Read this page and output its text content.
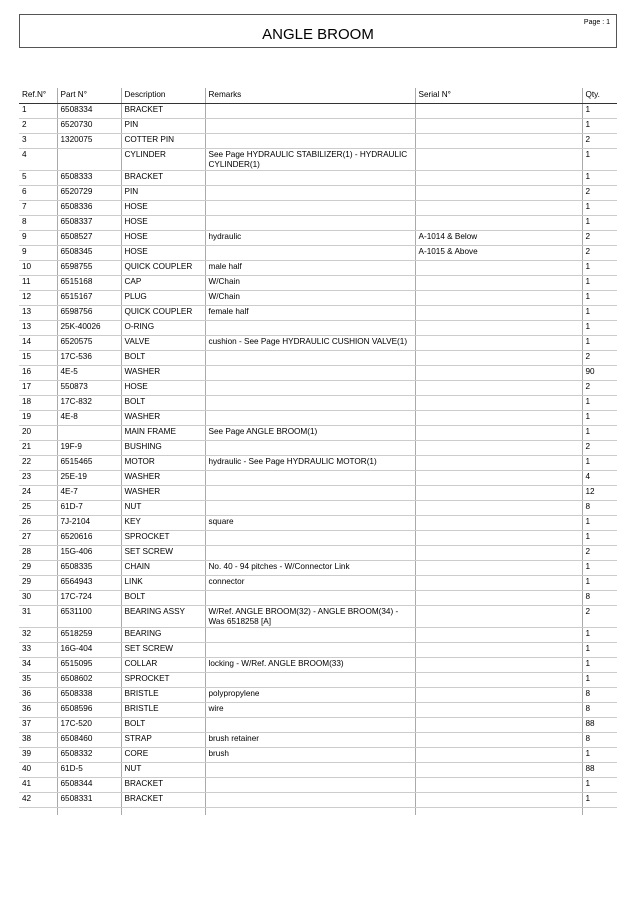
Page : 1
ANGLE BROOM
Ref.N°	Part N°	Description	Remarks	Serial N°	Qty.
1	6508334	BRACKET			1
2	6520730	PIN			1
3	1320075	COTTER PIN			2
4		CYLINDER	See Page HYDRAULIC STABILIZER(1) - HYDRAULIC CYLINDER(1)		1
5	6508333	BRACKET			1
6	6520729	PIN			2
7	6508336	HOSE			1
8	6508337	HOSE			1
9	6508527	HOSE	hydraulic	A-1014 & Below	2
9	6508345	HOSE		A-1015 & Above	2
10	6598755	QUICK COUPLER	male half		1
11	6515168	CAP	W/Chain		1
12	6515167	PLUG	W/Chain		1
13	6598756	QUICK COUPLER	female half		1
13	25K-40026	O-RING			1
14	6520575	VALVE	cushion - See Page HYDRAULIC CUSHION VALVE(1)		1
15	17C-536	BOLT			2
16	4E-5	WASHER			90
17	550873	HOSE			2
18	17C-832	BOLT			1
19	4E-8	WASHER			1
20		MAIN FRAME	See Page ANGLE BROOM(1)		1
21	19F-9	BUSHING			2
22	6515465	MOTOR	hydraulic - See Page HYDRAULIC MOTOR(1)		1
23	25E-19	WASHER			4
24	4E-7	WASHER			12
25	61D-7	NUT			8
26	7J-2104	KEY	square		1
27	6520616	SPROCKET			1
28	15G-406	SET SCREW			2
29	6508335	CHAIN	No. 40 - 94 pitches - W/Connector Link		1
29	6564943	LINK	connector		1
30	17C-724	BOLT			8
31	6531100	BEARING ASSY	W/Ref. ANGLE BROOM(32) - ANGLE BROOM(34) - Was 6518258 [A]		2
32	6518259	BEARING			1
33	16G-404	SET SCREW			1
34	6515095	COLLAR	locking - W/Ref. ANGLE BROOM(33)		1
35	6508602	SPROCKET			1
36	6508338	BRISTLE	polypropylene		8
36	6508596	BRISTLE	wire		8
37	17C-520	BOLT			88
38	6508460	STRAP	brush retainer		8
39	6508332	CORE	brush		1
40	61D-5	NUT			88
41	6508344	BRACKET			1
42	6508331	BRACKET			1
